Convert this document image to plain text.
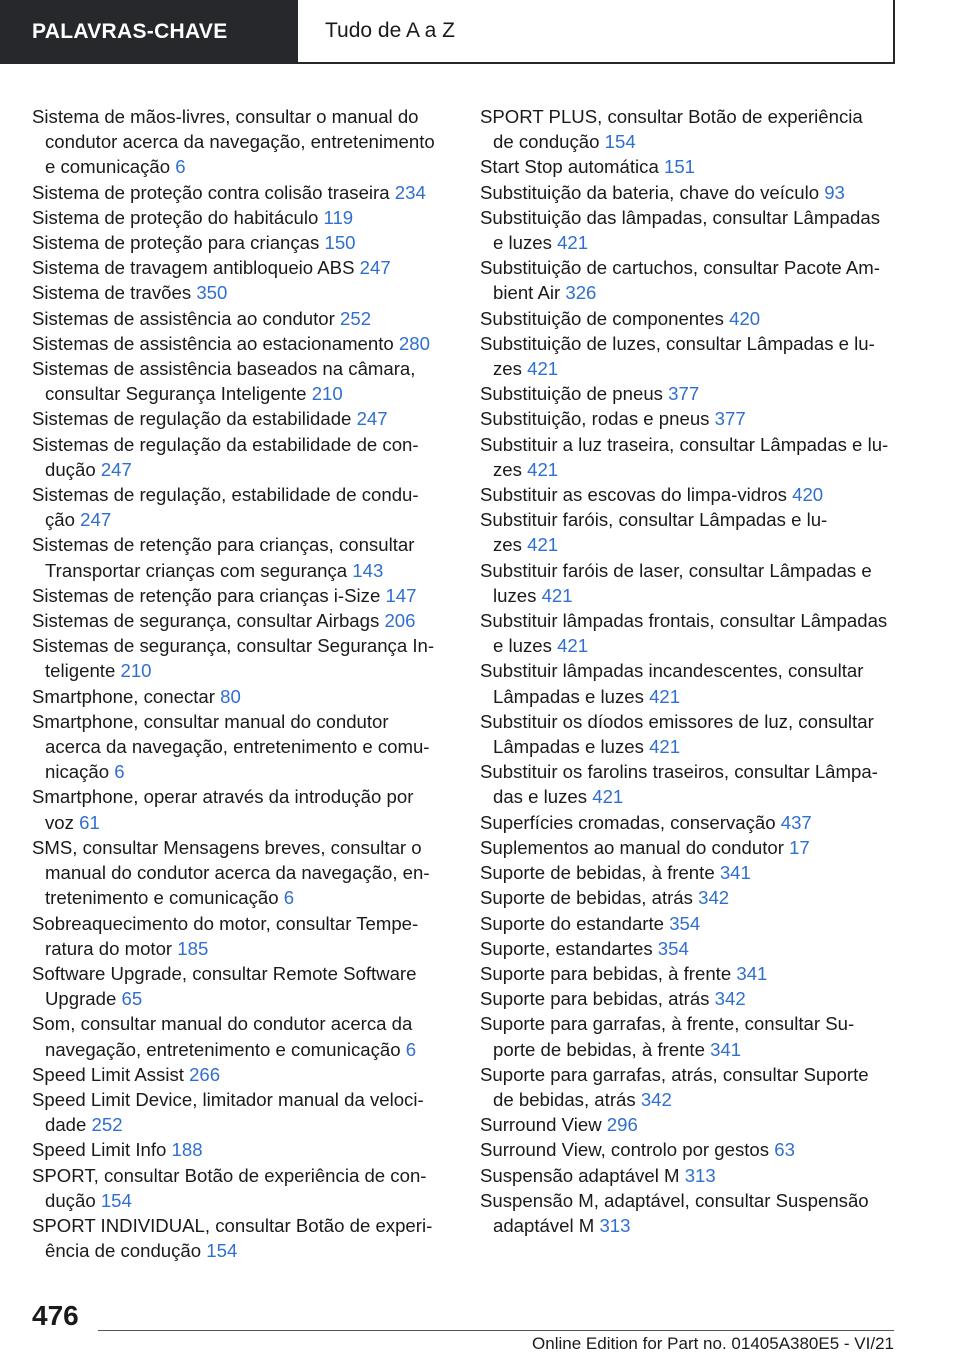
PALAVRAS-CHAVE	Tudo de A a Z
Sistema de mãos-livres, consultar o manual do
condutor acerca da navegação, entretenimento
e comunicação 6
Sistema de proteção contra colisão traseira 234
Sistema de proteção do habitáculo 119
Sistema de proteção para crianças 150
Sistema de travagem antibloqueio ABS 247
Sistema de travões 350
Sistemas de assistência ao condutor 252
Sistemas de assistência ao estacionamento 280
Sistemas de assistência baseados na câmara,
consultar Segurança Inteligente 210
Sistemas de regulação da estabilidade 247
Sistemas de regulação da estabilidade de con-
dução 247
Sistemas de regulação, estabilidade de condu-
ção 247
Sistemas de retenção para crianças, consultar
Transportar crianças com segurança 143
Sistemas de retenção para crianças i-Size 147
Sistemas de segurança, consultar Airbags 206
Sistemas de segurança, consultar Segurança In-
teligente 210
Smartphone, conectar 80
Smartphone, consultar manual do condutor
acerca da navegação, entretenimento e comu-
nicação 6
Smartphone, operar através da introdução por
voz 61
SMS, consultar Mensagens breves, consultar o
manual do condutor acerca da navegação, en-
tretenimento e comunicação 6
Sobreaquecimento do motor, consultar Tempe-
ratura do motor 185
Software Upgrade, consultar Remote Software
Upgrade 65
Som, consultar manual do condutor acerca da
navegação, entretenimento e comunicação 6
Speed Limit Assist 266
Speed Limit Device, limitador manual da veloci-
dade 252
Speed Limit Info 188
SPORT, consultar Botão de experiência de con-
dução 154
SPORT INDIVIDUAL, consultar Botão de experi-
ência de condução 154
SPORT PLUS, consultar Botão de experiência
de condução 154
Start Stop automática 151
Substituição da bateria, chave do veículo 93
Substituição das lâmpadas, consultar Lâmpadas
e luzes 421
Substituição de cartuchos, consultar Pacote Am-
bient Air 326
Substituição de componentes 420
Substituição de luzes, consultar Lâmpadas e lu-
zes 421
Substituição de pneus 377
Substituição, rodas e pneus 377
Substituir a luz traseira, consultar Lâmpadas e lu-
zes 421
Substituir as escovas do limpa-vidros 420
Substituir faróis, consultar Lâmpadas e lu-
zes 421
Substituir faróis de laser, consultar Lâmpadas e
luzes 421
Substituir lâmpadas frontais, consultar Lâmpadas
e luzes 421
Substituir lâmpadas incandescentes, consultar
Lâmpadas e luzes 421
Substituir os díodos emissores de luz, consultar
Lâmpadas e luzes 421
Substituir os farolins traseiros, consultar Lâmpa-
das e luzes 421
Superfícies cromadas, conservação 437
Suplementos ao manual do condutor 17
Suporte de bebidas, à frente 341
Suporte de bebidas, atrás 342
Suporte do estandarte 354
Suporte, estandartes 354
Suporte para bebidas, à frente 341
Suporte para bebidas, atrás 342
Suporte para garrafas, à frente, consultar Su-
porte de bebidas, à frente 341
Suporte para garrafas, atrás, consultar Suporte
de bebidas, atrás 342
Surround View 296
Surround View, controlo por gestos 63
Suspensão adaptável M 313
Suspensão M, adaptável, consultar Suspensão
adaptável M 313
476
Online Edition for Part no. 01405A380E5 - VI/21
